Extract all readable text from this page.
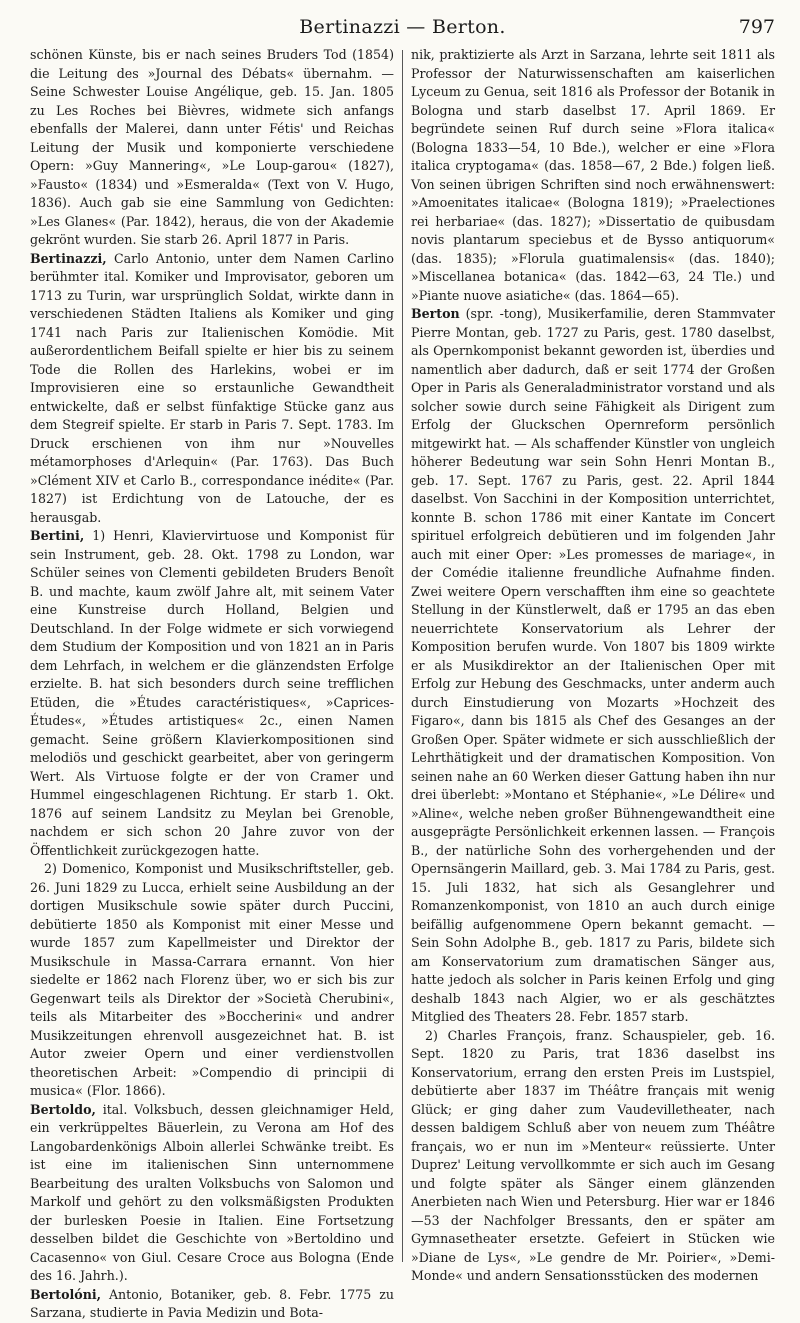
Bertinazzi — Berton.	797

schönen Künste, bis er nach seines Bruders Tod (1854) die Leitung des »Journal des Débats« übernahm. — Seine Schwester Louise Angélique, geb. 15. Jan. 1805 zu Les Roches bei Bièvres, widmete sich anfangs ebenfalls der Malerei, dann unter Fétis' und Reichas Leitung der Musik und komponierte verschiedene Opern: »Guy Mannering«, »Le Loup-garou« (1827), »Fausto« (1834) und »Esmeralda« (Text von V. Hugo, 1836). Auch gab sie eine Sammlung von Gedichten: »Les Glanes« (Par. 1842), heraus, die von der Akademie gekrönt wurden. Sie starb 26. April 1877 in Paris.

Bertinazzi, Carlo Antonio, unter dem Namen Carlino berühmter ital. Komiker und Improvisator, geboren um 1713 zu Turin, war ursprünglich Soldat, wirkte dann in verschiedenen Städten Italiens als Komiker und ging 1741 nach Paris zur Italienischen Komödie. Mit außerordentlichem Beifall spielte er hier bis zu seinem Tode die Rollen des Harlekins, wobei er im Improvisieren eine so erstaunliche Gewandtheit entwickelte, daß er selbst fünfaktige Stücke ganz aus dem Stegreif spielte. Er starb in Paris 7. Sept. 1783. Im Druck erschienen von ihm nur »Nouvelles métamorphoses d'Arlequin« (Par. 1763). Das Buch »Clément XIV et Carlo B., correspondance inédite« (Par. 1827) ist Erdichtung von de Latouche, der es herausgab.

Bertini, 1) Henri, Klaviervirtuose und Komponist für sein Instrument, geb. 28. Okt. 1798 zu London, war Schüler seines von Clementi gebildeten Bruders Benoît B. und machte, kaum zwölf Jahre alt, mit seinem Vater eine Kunstreise durch Holland, Belgien und Deutschland. In der Folge widmete er sich vorwiegend dem Studium der Komposition und von 1821 an in Paris dem Lehrfach, in welchem er die glänzendsten Erfolge erzielte. B. hat sich besonders durch seine trefflichen Etüden, die »Études caractéristiques«, »Caprices-Études«, »Études artistiques« 2c., einen Namen gemacht. Seine größern Klavierkompositionen sind melodiös und geschickt gearbeitet, aber von geringerm Wert. Als Virtuose folgte er der von Cramer und Hummel eingeschlagenen Richtung. Er starb 1. Okt. 1876 auf seinem Landsitz zu Meylan bei Grenoble, nachdem er sich schon 20 Jahre zuvor von der Öffentlichkeit zurückgezogen hatte.

2) Domenico, Komponist und Musikschriftsteller, geb. 26. Juni 1829 zu Lucca, erhielt seine Ausbildung an der dortigen Musikschule sowie später durch Puccini, debütierte 1850 als Komponist mit einer Messe und wurde 1857 zum Kapellmeister und Direktor der Musikschule in Massa-Carrara ernannt. Von hier siedelte er 1862 nach Florenz über, wo er sich bis zur Gegenwart teils als Direktor der »Società Cherubini«, teils als Mitarbeiter des »Boccherini« und andrer Musikzeitungen ehrenvoll ausgezeichnet hat. B. ist Autor zweier Opern und einer verdienstvollen theoretischen Arbeit: »Compendio di principii di musica« (Flor. 1866).

Bertoldo, ital. Volksbuch, dessen gleichnamiger Held, ein verkrüppeltes Bäuerlein, zu Verona am Hof des Langobardenkönigs Alboin allerlei Schwänke treibt. Es ist eine im italienischen Sinn unternommene Bearbeitung des uralten Volksbuchs von Salomon und Markolf und gehört zu den volksmäßigsten Produkten der burlesken Poesie in Italien. Eine Fortsetzung desselben bildet die Geschichte von »Bertoldino und Cacasenno« von Giul. Cesare Croce aus Bologna (Ende des 16. Jahrh.).

Bertolóni, Antonio, Botaniker, geb. 8. Febr. 1775 zu Sarzana, studierte in Pavia Medizin und Bota-

nik, praktizierte als Arzt in Sarzana, lehrte seit 1811 als Professor der Naturwissenschaften am kaiserlichen Lyceum zu Genua, seit 1816 als Professor der Botanik in Bologna und starb daselbst 17. April 1869. Er begründete seinen Ruf durch seine »Flora italica« (Bologna 1833—54, 10 Bde.), welcher er eine »Flora italica cryptogama« (das. 1858—67, 2 Bde.) folgen ließ. Von seinen übrigen Schriften sind noch erwähnenswert: »Amoenitates italicae« (Bologna 1819); »Praelectiones rei herbariae« (das. 1827); »Dissertatio de quibusdam novis plantarum speciebus et de Bysso antiquorum« (das. 1835); »Florula guatimalensis« (das. 1840); »Miscellanea botanica« (das. 1842—63, 24 Tle.) und »Piante nuove asiatiche« (das. 1864—65).

Berton (spr. -tong), Musikerfamilie, deren Stammvater Pierre Montan, geb. 1727 zu Paris, gest. 1780 daselbst, als Opernkomponist bekannt geworden ist, überdies und namentlich aber dadurch, daß er seit 1774 der Großen Oper in Paris als Generaladministrator vorstand und als solcher sowie durch seine Fähigkeit als Dirigent zum Erfolg der Gluckschen Opernreform persönlich mitgewirkt hat. — Als schaffender Künstler von ungleich höherer Bedeutung war sein Sohn Henri Montan B., geb. 17. Sept. 1767 zu Paris, gest. 22. April 1844 daselbst. Von Sacchini in der Komposition unterrichtet, konnte B. schon 1786 mit einer Kantate im Concert spirituel erfolgreich debütieren und im folgenden Jahr auch mit einer Oper: »Les promesses de mariage«, in der Comédie italienne freundliche Aufnahme finden. Zwei weitere Opern verschafften ihm eine so geachtete Stellung in der Künstlerwelt, daß er 1795 an das eben neuerrichtete Konservatorium als Lehrer der Komposition berufen wurde. Von 1807 bis 1809 wirkte er als Musikdirektor an der Italienischen Oper mit Erfolg zur Hebung des Geschmacks, unter anderm auch durch Einstudierung von Mozarts »Hochzeit des Figaro«, dann bis 1815 als Chef des Gesanges an der Großen Oper. Später widmete er sich ausschließlich der Lehrthätigkeit und der dramatischen Komposition. Von seinen nahe an 60 Werken dieser Gattung haben ihn nur drei überlebt: »Montano et Stéphanie«, »Le Délire« und »Aline«, welche neben großer Bühnengewandtheit eine ausgeprägte Persönlichkeit erkennen lassen. — François B., der natürliche Sohn des vorhergehenden und der Opernsängerin Maillard, geb. 3. Mai 1784 zu Paris, gest. 15. Juli 1832, hat sich als Gesanglehrer und Romanzenkomponist, von 1810 an auch durch einige beifällig aufgenommene Opern bekannt gemacht. — Sein Sohn Adolphe B., geb. 1817 zu Paris, bildete sich am Konservatorium zum dramatischen Sänger aus, hatte jedoch als solcher in Paris keinen Erfolg und ging deshalb 1843 nach Algier, wo er als geschätztes Mitglied des Theaters 28. Febr. 1857 starb.

2) Charles François, franz. Schauspieler, geb. 16. Sept. 1820 zu Paris, trat 1836 daselbst ins Konservatorium, errang den ersten Preis im Lustspiel, debütierte aber 1837 im Théâtre français mit wenig Glück; er ging daher zum Vaudevilletheater, nach dessen baldigem Schluß aber von neuem zum Théâtre français, wo er nun im »Menteur« reüssierte. Unter Duprez' Leitung vervollkommte er sich auch im Gesang und folgte später als Sänger einem glänzenden Anerbieten nach Wien und Petersburg. Hier war er 1846—53 der Nachfolger Bressants, den er später am Gymnasetheater ersetzte. Gefeiert in Stücken wie »Diane de Lys«, »Le gendre de Mr. Poirier«, »Demi-Monde« und andern Sensationsstücken des modernen
